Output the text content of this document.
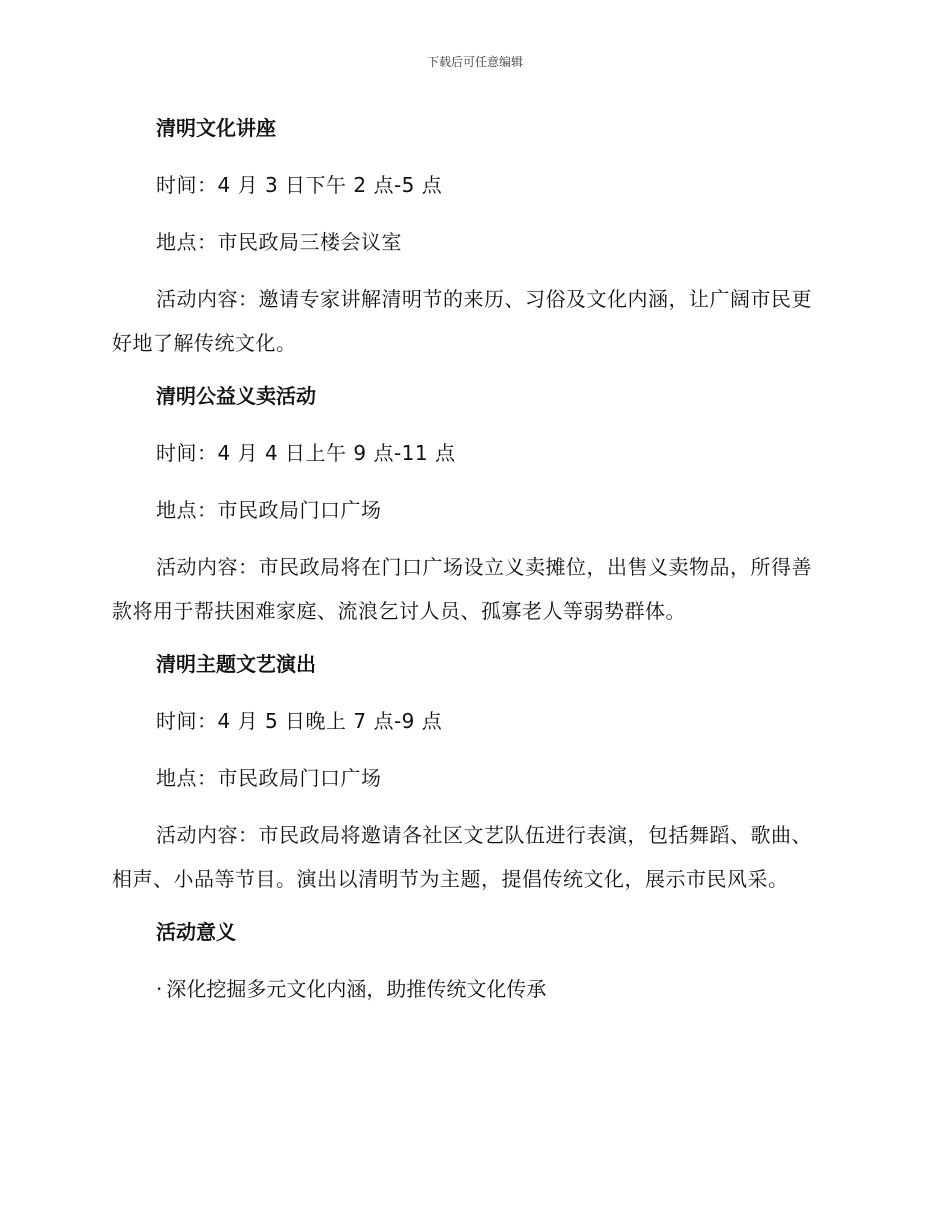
下载后可任意编辑
清明文化讲座

时间：4 月 3 日下午 2 点-5 点

地点：市民政局三楼会议室

活动内容：邀请专家讲解清明节的来历、习俗及文化内涵，让广阔市民更好地了解传统文化。

清明公益义卖活动

时间：4 月 4 日上午 9 点-11 点

地点：市民政局门口广场

活动内容：市民政局将在门口广场设立义卖摊位，出售义卖物品，所得善款将用于帮扶困难家庭、流浪乞讨人员、孤寡老人等弱势群体。

清明主题文艺演出

时间：4 月 5 日晚上 7 点-9 点

地点：市民政局门口广场

活动内容：市民政局将邀请各社区文艺队伍进行表演，包括舞蹈、歌曲、相声、小品等节目。演出以清明节为主题，提倡传统文化，展示市民风采。

活动意义

· 深化挖掘多元文化内涵，助推传统文化传承
